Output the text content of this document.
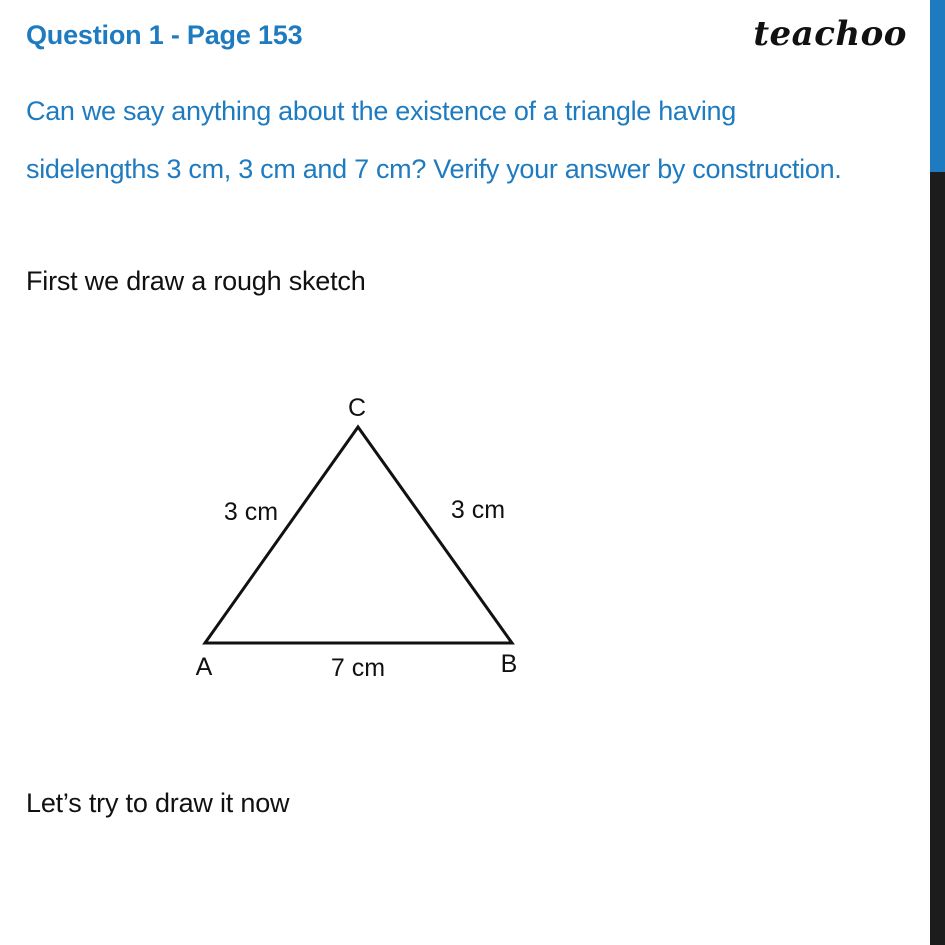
Question 1 - Page 153	teachoo
Can we say anything about the existence of a triangle having
sidelengths 3 cm, 3 cm and 7 cm? Verify your answer by construction.
First we draw a rough sketch
C
A	B
3 cm	3 cm
7 cm
Let’s try to draw it now
